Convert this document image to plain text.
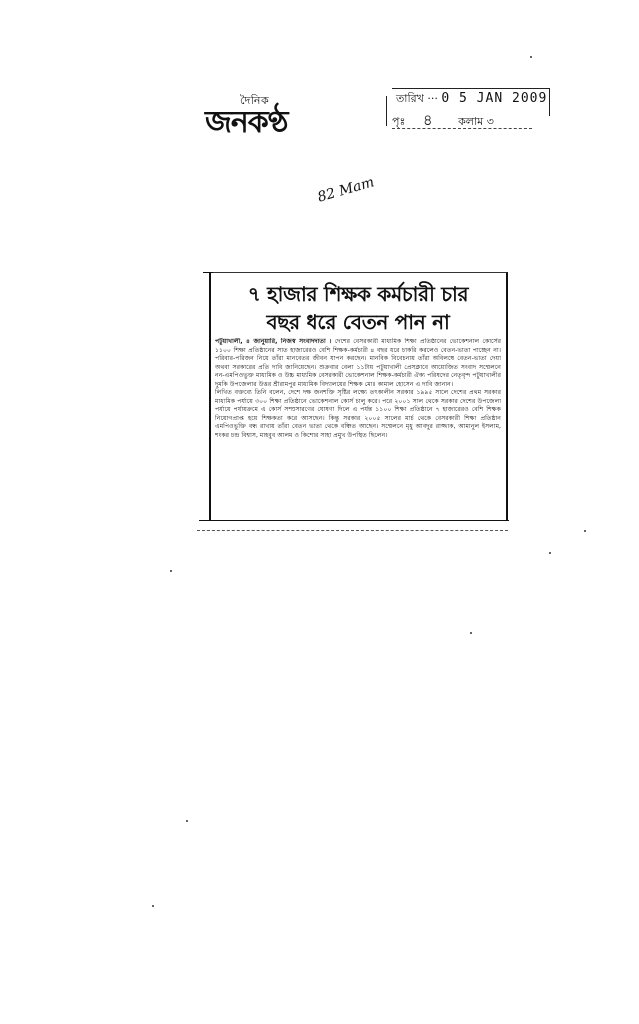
দৈনিক
জনকণ্ঠ
তারিখ ··· 0 5 JAN 2009
পৃঃ ৪ কলাম ৩
82 Mam
৭ হাজার শিক্ষক কর্মচারী চার
বছর ধরে বেতন পান না

পটুয়াখালী, ৪ জানুয়ারি, নিজস্ব সংবাদদাতা । দেশের বেসরকারী মাধ্যমিক শিক্ষা প্রতিষ্ঠানের ভোকেশনাল কোর্সের ১১০০ শিক্ষা প্রতিষ্ঠানের সাত হাজারেরও বেশি শিক্ষক-কর্মচারী ৪ বছর ধরে চাকরি করলেও বেতন-ভাতা পাচ্ছেন না। পরিবার-পরিজন নিয়ে তাঁরা মানবেতর জীবন যাপন করছেন। মানবিক বিবেচনায় তাঁরা অবিলম্বে বেতন-ভাতা দেয়া অথবা সরকারের প্রতি দাবি জানিয়েছেন। শুক্রবার বেলা ১১টায় পটুয়াখালী প্রেসক্লাবে আয়োজিত সংবাদ সম্মেলনে নন-এমপিওভুক্ত মাধ্যমিক ও উচ্চ মাধ্যমিক বেসরকারী ভোকেশনাল শিক্ষক-কর্মচারী ঐক্য পরিষদের নেতৃবৃন্দ পটুয়াখালীর দুমকি উপজেলার উত্তর শ্রীরামপুর মাধ্যমিক বিদ্যালয়ের শিক্ষক মোঃ কামাল হোসেন এ দাবি জানান।

লিখিত বক্তব্যে তিনি বলেন, দেশে দক্ষ জনশক্তি সৃষ্টির লক্ষ্যে তৎকালীন সরকার ১৯৯৫ সালে দেশের প্রথম সরকার মাধ্যমিক পর্যায়ে ৩০০ শিক্ষা প্রতিষ্ঠানে ভোকেশনাল কোর্স চালু করে। পরে ২০০১ সাল থেকে সরকার দেশের উপজেলা পর্যায়ে পর্যায়ক্রমে এ কোর্স সম্প্রসারণের ঘোষণা দিলে এ পর্যন্ত ১১০০ শিক্ষা প্রতিষ্ঠানে ৭ হাজারেরও বেশি শিক্ষক নিয়োগপ্রাপ্ত হয়ে শিক্ষকতা করে আসছেন। কিন্তু সরকার ২০০৫ সালের মার্চ থেকে বেসরকারী শিক্ষা প্রতিষ্ঠান এমপিওভুক্তি বন্ধ রাখায় তাঁরা বেতন ভাতা থেকে বঞ্চিত আছেন। সম্মেলনে মৃধু আবদুর রাজ্জাক, আমানুল ইসলাম, শংকর চন্দ্র বিশ্বাস, মাহবুব আলম ও কিশোর সাহা প্রমুখ উপস্থিত ছিলেন।
